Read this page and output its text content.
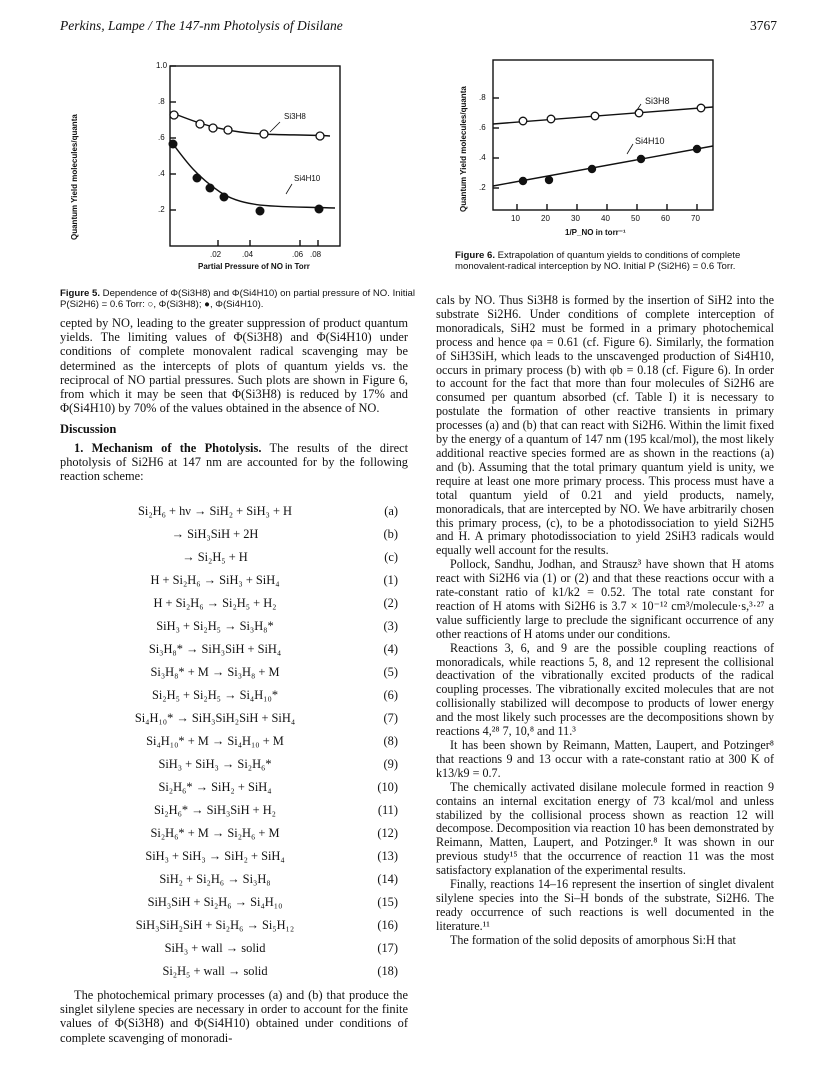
Perkins, Lampe / The 147-nm Photolysis of Disilane	3767
1.0
.8
.6
.4
.2
.02	.04	.06 .08
Partial Pressure of NO in Torr
Quantum Yield molecules/quanta	Si3H8
Si4H10
Figure 5. Dependence of Φ(Si3H8) and Φ(Si4H10) on partial pressure of NO. Initial P(Si2H6) = 0.6 Torr: ○, Φ(Si3H8); ●, Φ(Si4H10).
.8
.6
.4
.2
10	20	30	40	50	60	70
1/P_NO in torr⁻¹
Quantum Yield molecules/quanta	Si3H8
Si4H10
Figure 6. Extrapolation of quantum yields to conditions of complete monovalent-radical interception by NO. Initial P (Si2H6) = 0.6 Torr.

cepted by NO, leading to the greater suppression of product quantum yields. The limiting values of Φ(Si3H8) and Φ(Si4H10) under conditions of complete monovalent radical scavenging may be determined as the intercepts of plots of quantum yields vs. the reciprocal of NO partial pressures. Such plots are shown in Figure 6, from which it may be seen that Φ(Si3H8) is reduced by 17% and Φ(Si4H10) by 70% of the values obtained in the absence of NO.

Discussion

1. Mechanism of the Photolysis. The results of the direct photolysis of Si2H6 at 147 nm are accounted for by the following reaction scheme:

Si₂H₆ + hν → SiH₂ + SiH₃ + H	(a)
→ SiH₃SiH + 2H	(b)
→ Si₂H₅ + H	(c)
H + Si₂H₆ → SiH₃ + SiH₄	(1)
H + Si₂H₆ → Si₂H₅ + H₂	(2)
SiH₃ + Si₂H₅ → Si₃H₈*	(3)
Si₃H₈* → SiH₃SiH + SiH₄	(4)
Si₃H₈* + M → Si₃H₈ + M	(5)
Si₂H₅ + Si₂H₅ → Si₄H₁₀*	(6)
Si₄H₁₀* → SiH₃SiH₂SiH + SiH₄	(7)
Si₄H₁₀* + M → Si₄H₁₀ + M	(8)
SiH₃ + SiH₃ → Si₂H₆*	(9)
Si₂H₆* → SiH₂ + SiH₄	(10)
Si₂H₆* → SiH₃SiH + H₂	(11)
Si₂H₆* + M → Si₂H₆ + M	(12)
SiH₃ + SiH₃ → SiH₂ + SiH₄	(13)
SiH₂ + Si₂H₆ → Si₃H₈	(14)
SiH₃SiH + Si₂H₆ → Si₄H₁₀	(15)
SiH₃SiH₂SiH + Si₂H₆ → Si₅H₁₂	(16)
SiH₃ + wall → solid	(17)
Si₂H₅ + wall → solid	(18)

The photochemical primary processes (a) and (b) that produce the singlet silylene species are necessary in order to account for the finite values of Φ(Si3H8) and Φ(Si4H10) obtained under conditions of complete scavenging of monoradi-

cals by NO. Thus Si3H8 is formed by the insertion of SiH2 into the substrate Si2H6. Under conditions of complete interception of monoradicals, SiH2 must be formed in a primary photochemical process and hence φa = 0.61 (cf. Figure 6). Similarly, the formation of SiH3SiH, which leads to the unscavenged production of Si4H10, occurs in primary process (b) with φb = 0.18 (cf. Figure 6). In order to account for the fact that more than four molecules of Si2H6 are consumed per quantum absorbed (cf. Table I) it is necessary to postulate the formation of other reactive transients in primary processes (a) and (b) that can react with Si2H6. Within the limit fixed by the energy of a quantum of 147 nm (195 kcal/mol), the most likely additional reactive species formed are as shown in the reactions (a) and (b). Assuming that the total primary quantum yield is unity, we require at least one more primary process. This process must have a total quantum yield of 0.21 and yield products, namely, monoradicals, that are intercepted by NO. We have arbitrarily chosen this primary process, (c), to be a photodissociation to yield Si2H5 and H. A primary photodissociation to yield 2SiH3 radicals would equally well account for the results.

Pollock, Sandhu, Jodhan, and Strausz³ have shown that H atoms react with Si2H6 via (1) or (2) and that these reactions occur with a rate-constant ratio of k1/k2 = 0.52. The total rate constant for reaction of H atoms with Si2H6 is 3.7 × 10⁻¹² cm³/molecule·s,³·²⁷ a value sufficiently large to preclude the significant occurrence of any other reactions of H atoms under our conditions.

Reactions 3, 6, and 9 are the possible coupling reactions of monoradicals, while reactions 5, 8, and 12 represent the collisional deactivation of the vibrationally excited products of the radical coupling processes. The vibrationally excited molecules that are not collisionally stabilized will decompose to products of lower energy and the most likely such processes are the decompositions shown by reactions 4,²⁸ 7, 10,⁸ and 11.³

It has been shown by Reimann, Matten, Laupert, and Potzinger⁸ that reactions 9 and 13 occur with a rate-constant ratio at 300 K of k13/k9 = 0.7.

The chemically activated disilane molecule formed in reaction 9 contains an internal excitation energy of 73 kcal/mol and unless stabilized by the collisional process shown as reaction 12 will decompose. Decomposition via reaction 10 has been demonstrated by Reimann, Matten, Laupert, and Potzinger.⁸ It was shown in our previous study¹⁵ that the occurrence of reaction 11 was the most satisfactory explanation of the experimental results.

Finally, reactions 14–16 represent the insertion of singlet divalent silylene species into the Si–H bonds of the substrate, Si2H6. The ready occurrence of such reactions is well documented in the literature.¹¹

The formation of the solid deposits of amorphous Si:H that
